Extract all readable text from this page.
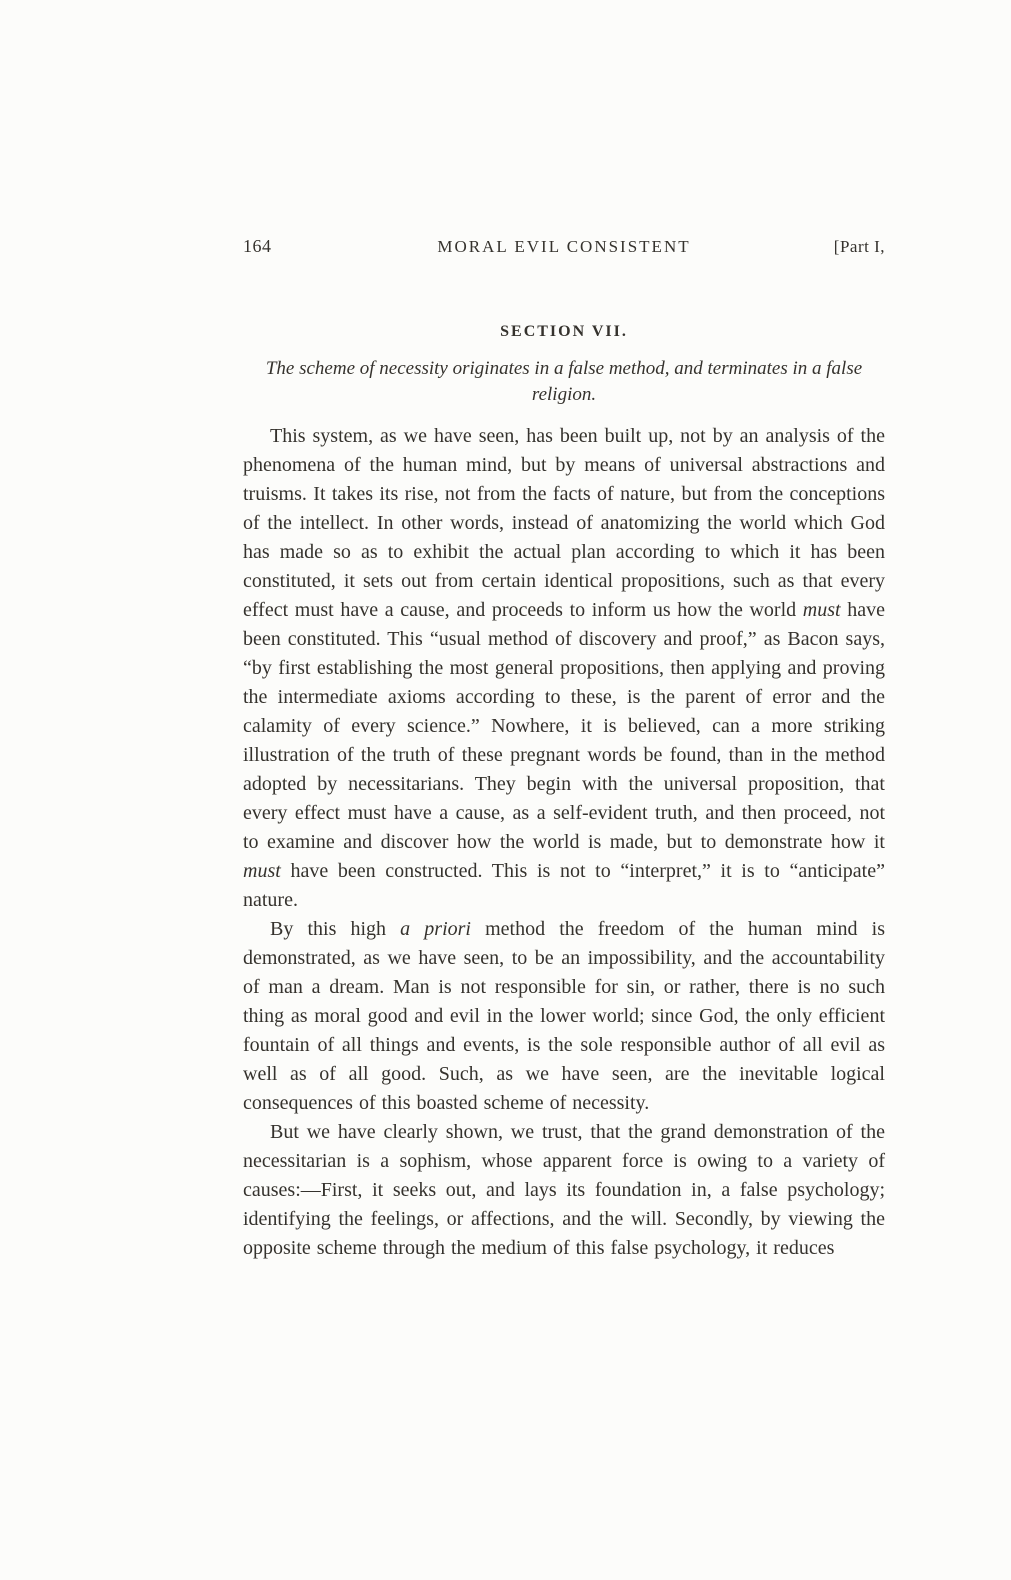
164	MORAL EVIL CONSISTENT	[Part I,
SECTION VII.
The scheme of necessity originates in a false method, and terminates in a false religion.

This system, as we have seen, has been built up, not by an analysis of the phenomena of the human mind, but by means of universal abstractions and truisms. It takes its rise, not from the facts of nature, but from the conceptions of the intellect. In other words, instead of anatomizing the world which God has made so as to exhibit the actual plan according to which it has been constituted, it sets out from certain identical propositions, such as that every effect must have a cause, and proceeds to inform us how the world must have been constituted. This “usual method of discovery and proof,” as Bacon says, “by first establishing the most general propositions, then applying and proving the intermediate axioms according to these, is the parent of error and the calamity of every science.” Nowhere, it is believed, can a more striking illustration of the truth of these pregnant words be found, than in the method adopted by necessitarians. They begin with the universal proposition, that every effect must have a cause, as a self-evident truth, and then proceed, not to examine and discover how the world is made, but to demonstrate how it must have been constructed. This is not to “interpret,” it is to “anticipate” nature.

By this high a priori method the freedom of the human mind is demonstrated, as we have seen, to be an impossibility, and the accountability of man a dream. Man is not responsible for sin, or rather, there is no such thing as moral good and evil in the lower world; since God, the only efficient fountain of all things and events, is the sole responsible author of all evil as well as of all good. Such, as we have seen, are the inevitable logical consequences of this boasted scheme of necessity.

But we have clearly shown, we trust, that the grand demonstration of the necessitarian is a sophism, whose apparent force is owing to a variety of causes:—First, it seeks out, and lays its foundation in, a false psychology; identifying the feelings, or affections, and the will. Secondly, by viewing the opposite scheme through the medium of this false psychology, it reduces
